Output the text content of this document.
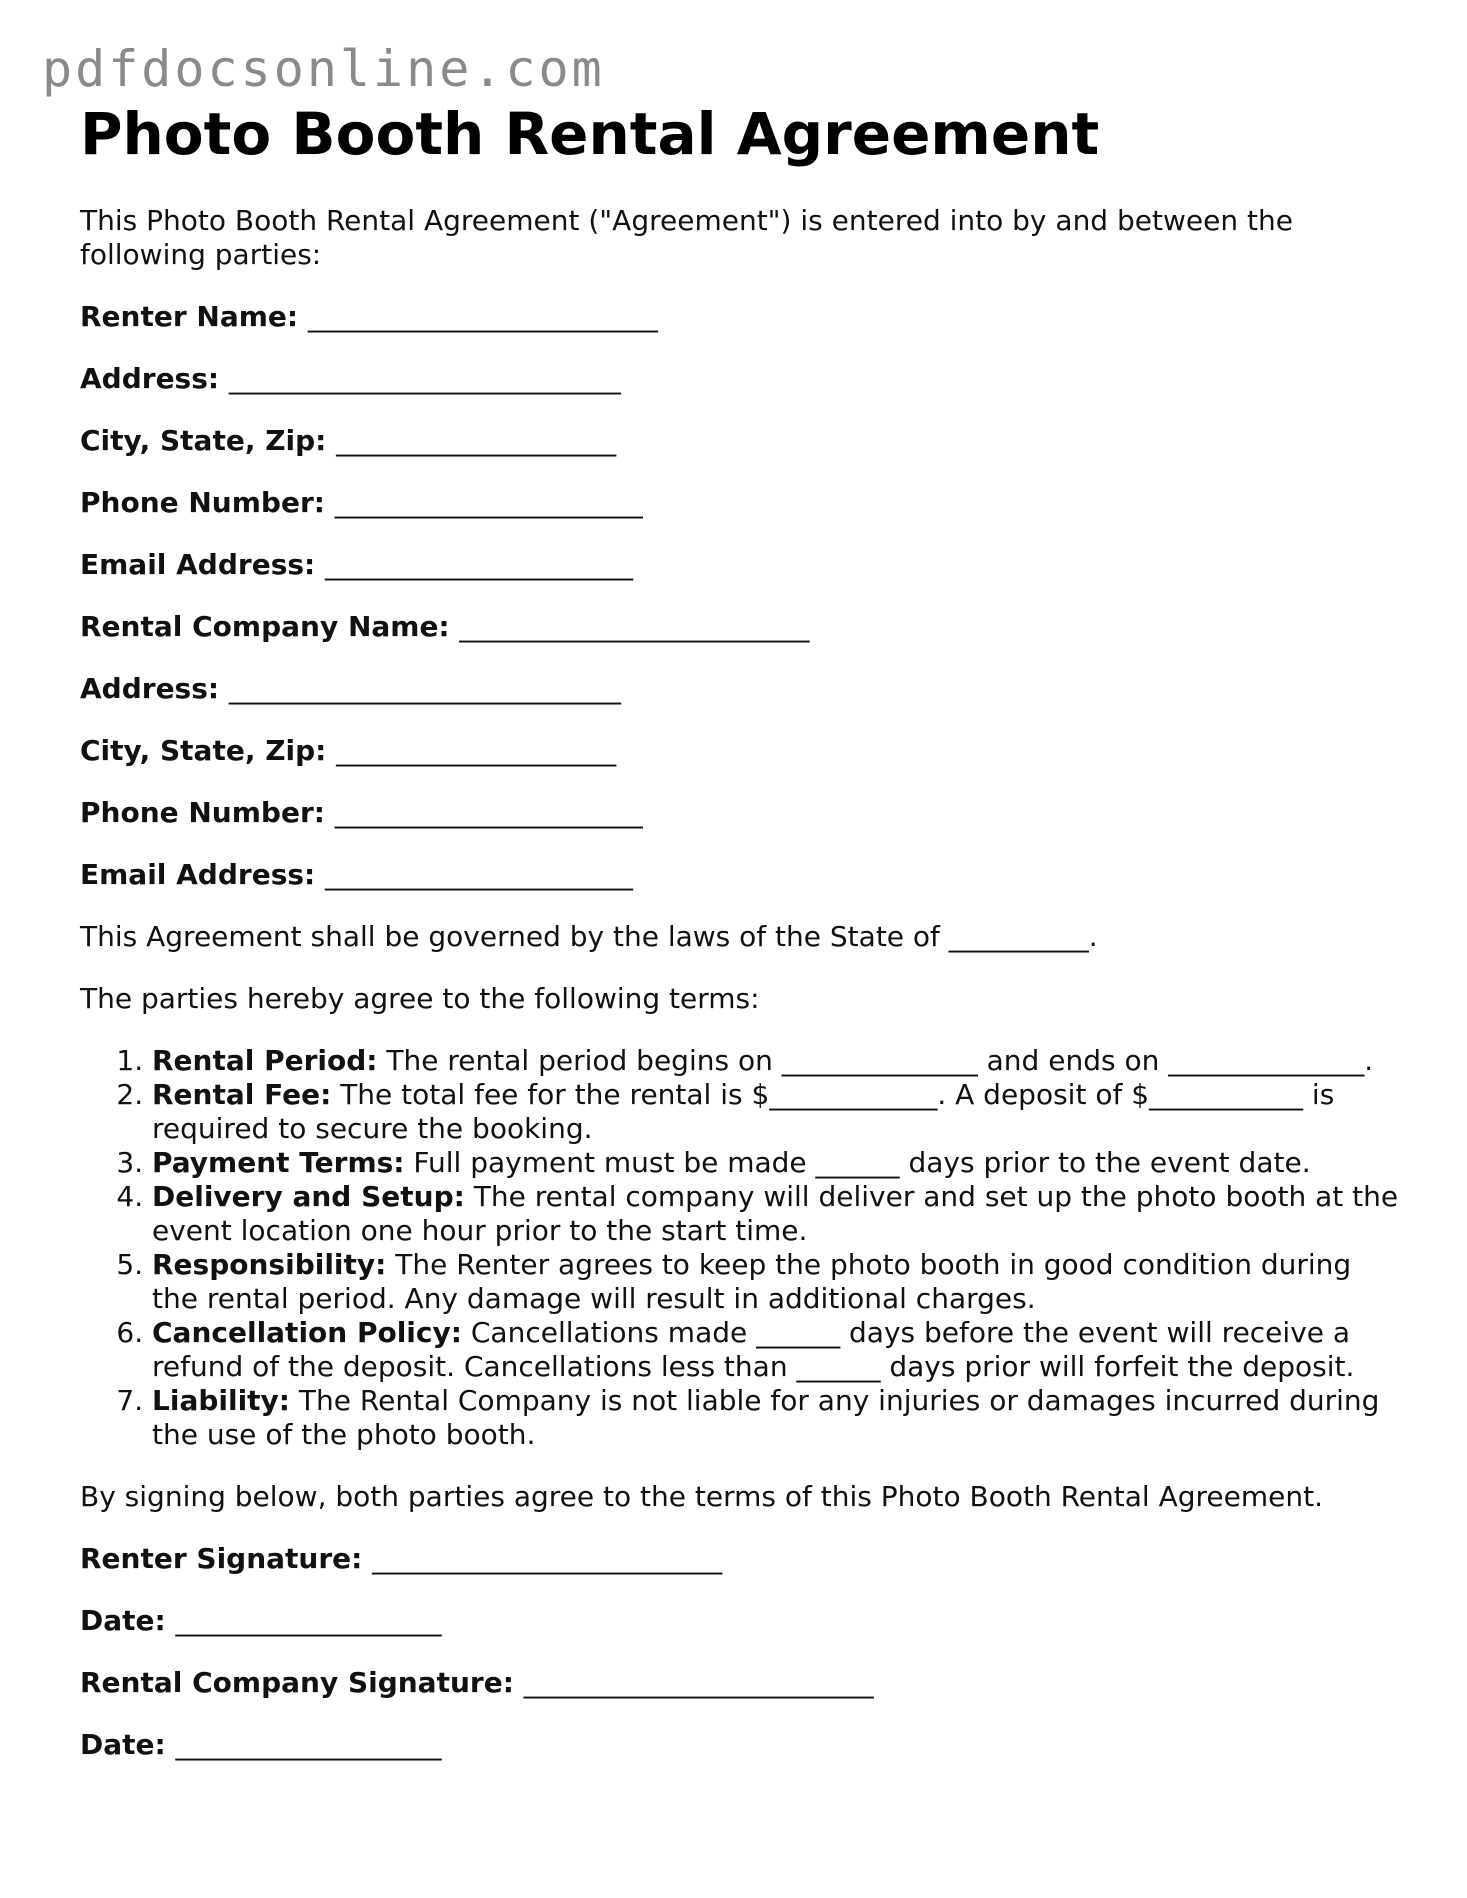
pdfdocsonline.com
Photo Booth Rental Agreement

This Photo Booth Rental Agreement ("Agreement") is entered into by and between the following parties:

Renter Name: _________________________

Address: ____________________________

City, State, Zip: ____________________

Phone Number: ______________________

Email Address: ______________________

Rental Company Name: _________________________

Address: ____________________________

City, State, Zip: ____________________

Phone Number: ______________________

Email Address: ______________________

This Agreement shall be governed by the laws of the State of __________.

The parties hereby agree to the following terms:

1. Rental Period: The rental period begins on ______________ and ends on ______________.
2. Rental Fee: The total fee for the rental is $____________. A deposit of $___________ is required to secure the booking.
3. Payment Terms: Full payment must be made ______ days prior to the event date.
4. Delivery and Setup: The rental company will deliver and set up the photo booth at the event location one hour prior to the start time.
5. Responsibility: The Renter agrees to keep the photo booth in good condition during the rental period. Any damage will result in additional charges.
6. Cancellation Policy: Cancellations made ______ days before the event will receive a refund of the deposit. Cancellations less than ______ days prior will forfeit the deposit.
7. Liability: The Rental Company is not liable for any injuries or damages incurred during the use of the photo booth.

By signing below, both parties agree to the terms of this Photo Booth Rental Agreement.

Renter Signature: _________________________

Date: ___________________

Rental Company Signature: _________________________

Date: ___________________
